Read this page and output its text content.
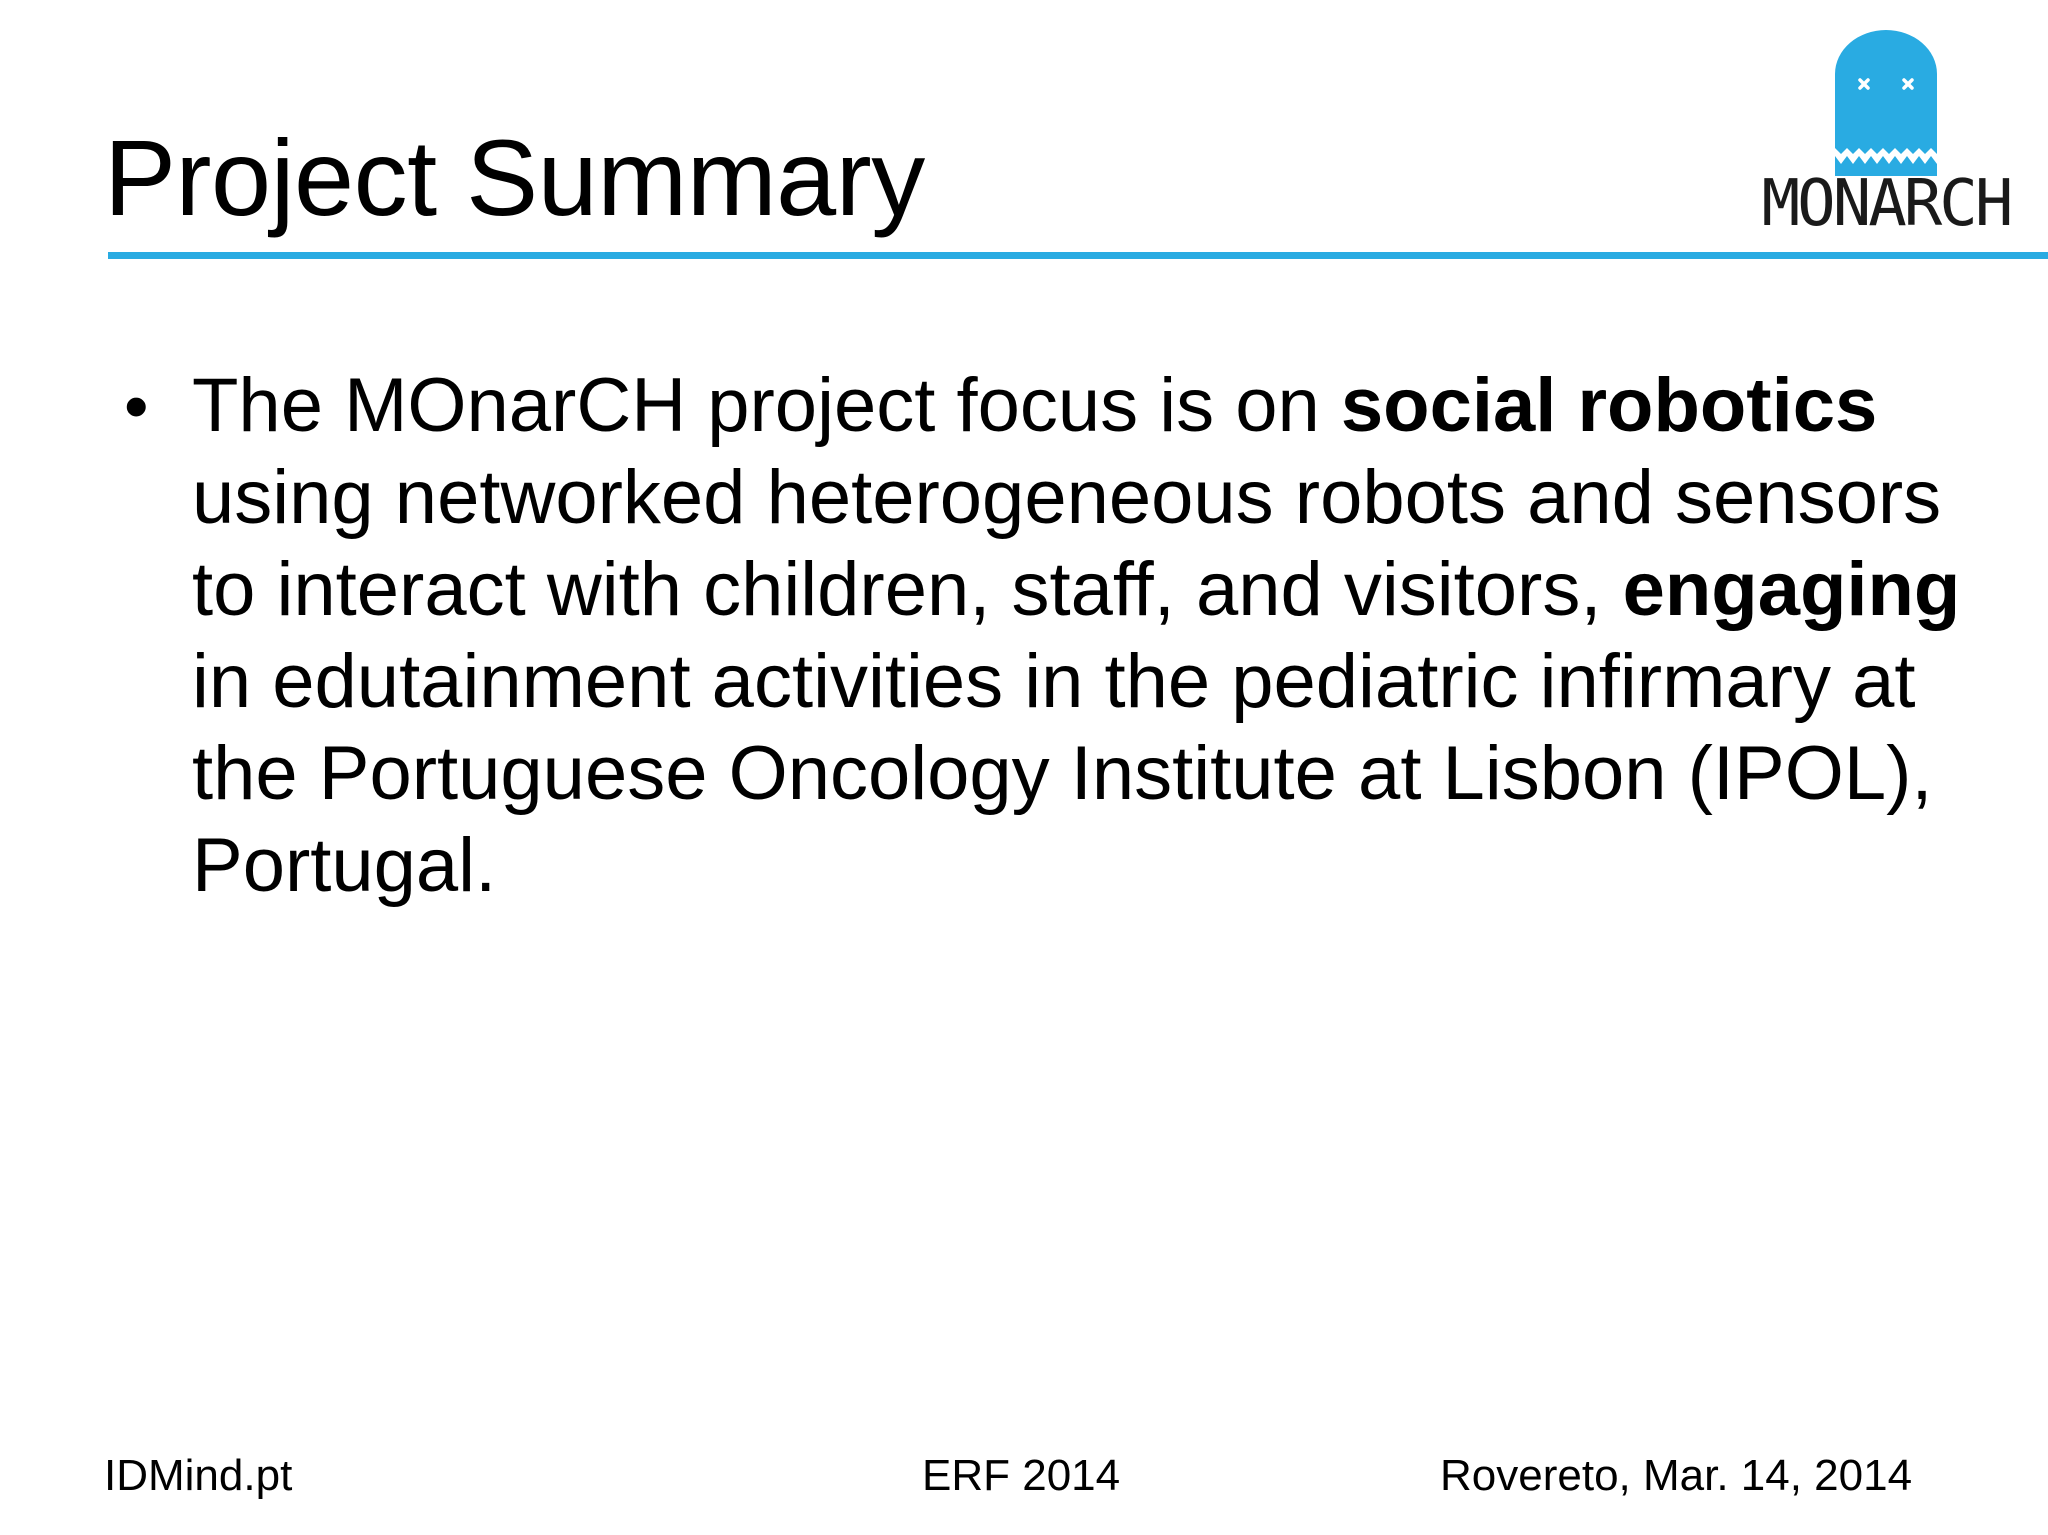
Project Summary	MONARCH
• The MOnarCH project focus is on social robotics using networked heterogeneous robots and sensors to interact with children, staff, and visitors, engaging in edutainment activities in the pediatric infirmary at the Portuguese Oncology Institute at Lisbon (IPOL), Portugal.
IDMind.pt	ERF 2014	Rovereto, Mar. 14, 2014
